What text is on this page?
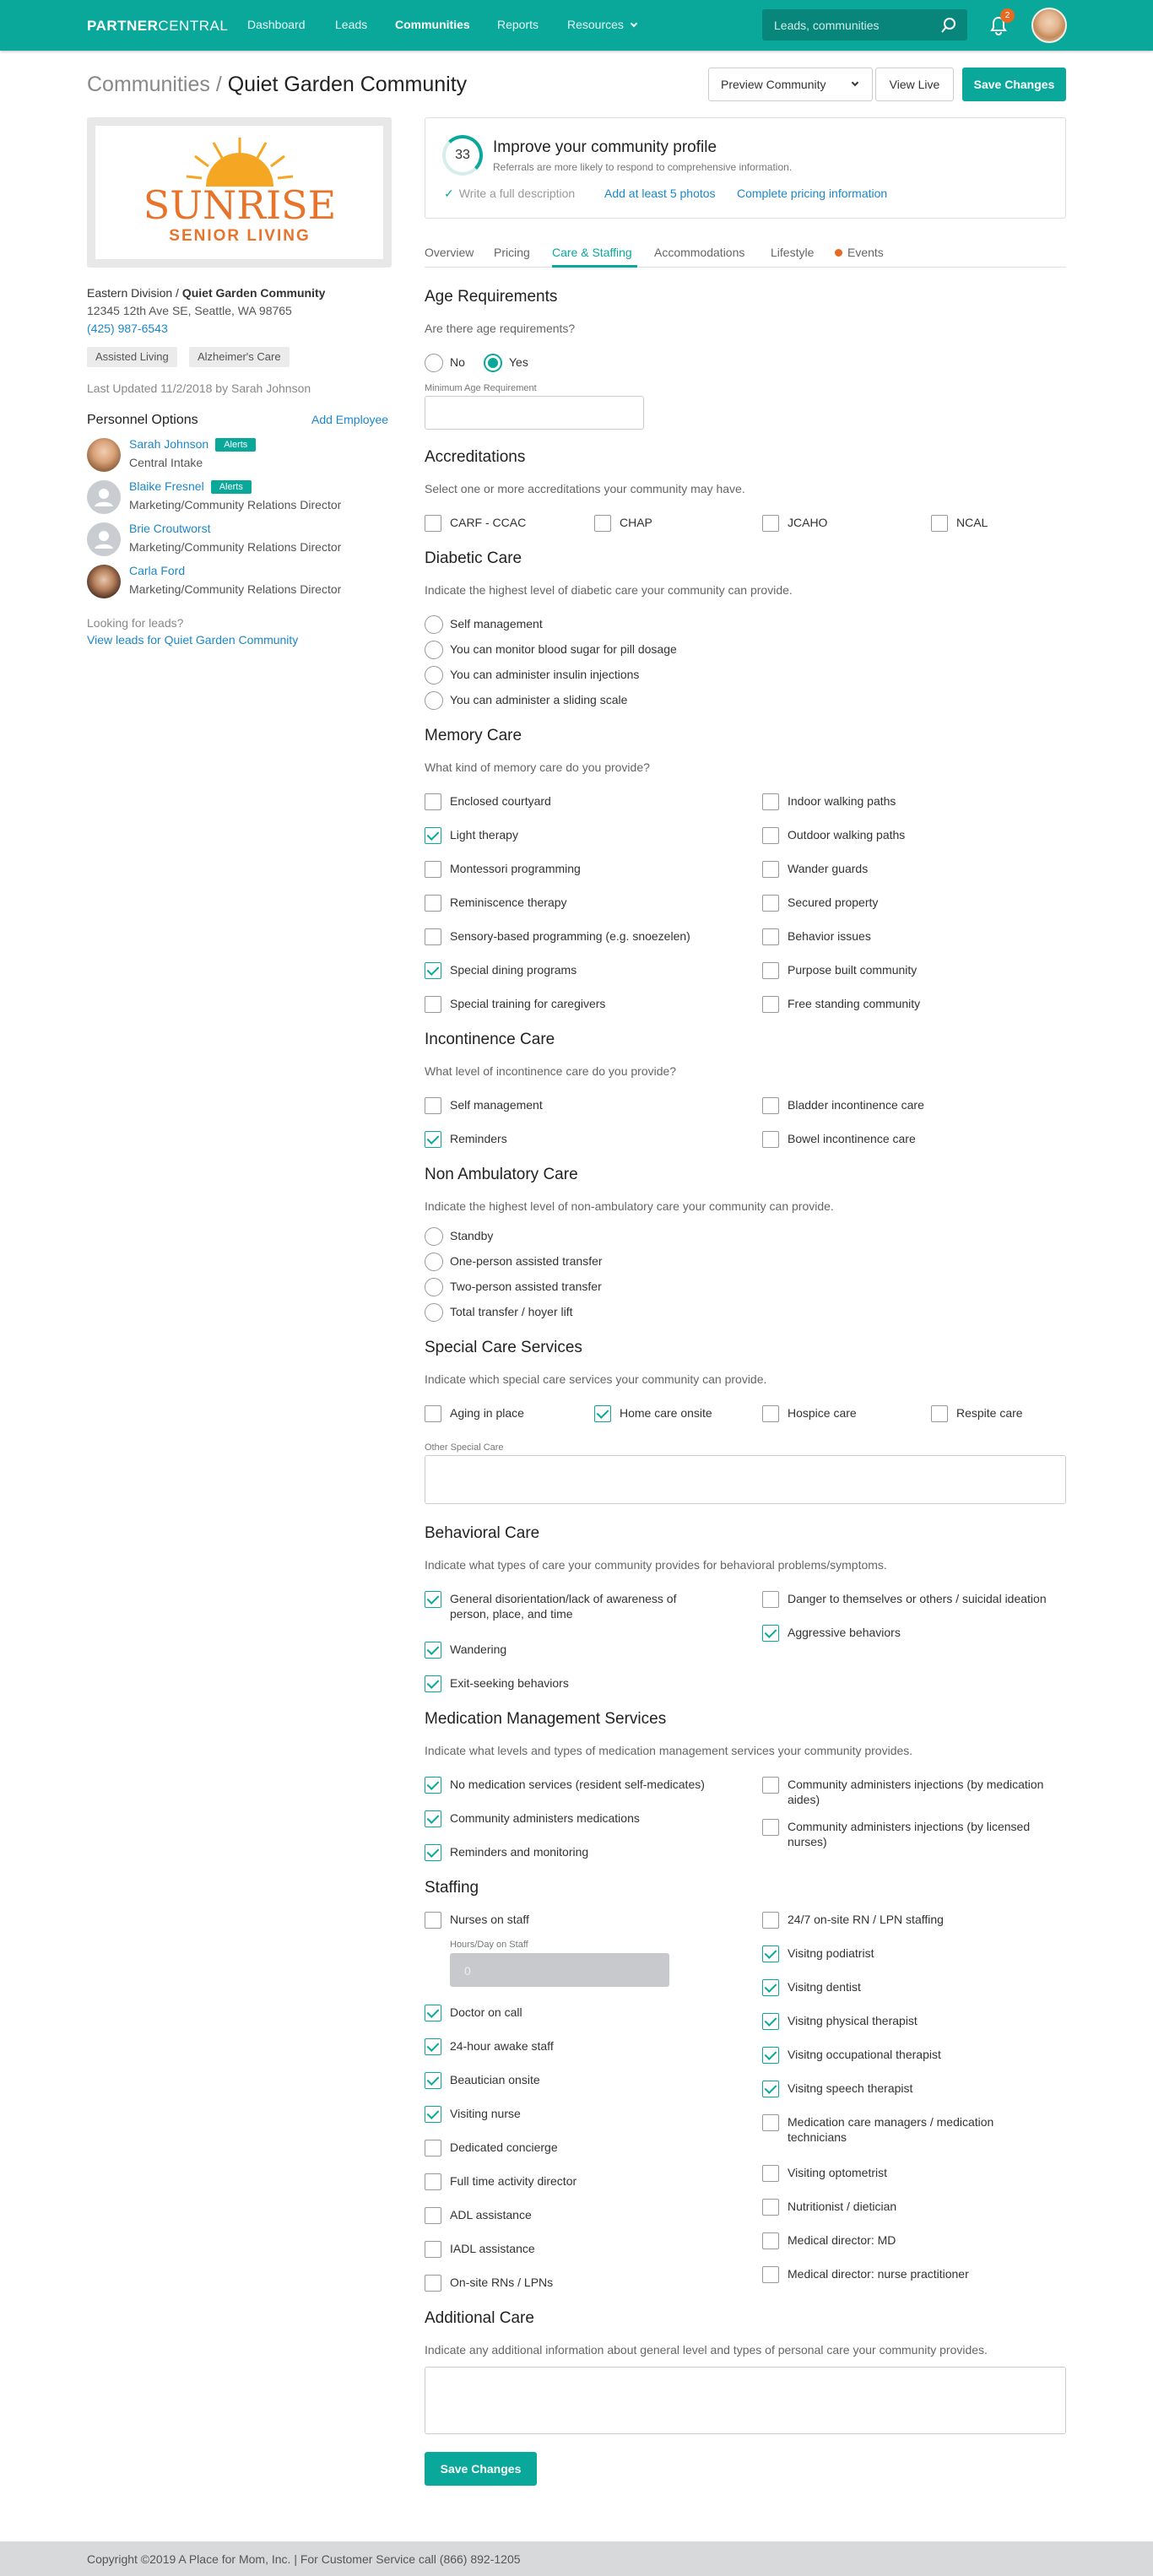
PARTNERCENTRAL Dashboard	Leads Communities Reports Resources	Leads, communities
2
Communities / Quiet Garden Community	Preview Community	View Live	Save Changes
SUNRISE
SENIOR LIVING
Eastern Division / Quiet Garden Community
12345 12th Ave SE, Seattle, WA 98765
(425) 987-6543
Assisted Living	Alzheimer's Care
Last Updated 11/2/2018 by Sarah Johnson
Personnel Options	Add Employee
Sarah Johnson Alerts
Central Intake
Blaike Fresnel Alerts
Marketing/Community Relations Director
Brie Croutworst
Marketing/Community Relations Director
Carla Ford
Marketing/Community Relations Director
Looking for leads?
View leads for Quiet Garden Community
33	Improve your community profile
Referrals are more likely to respond to comprehensive information.
✓ Write a full description Add at least 5 photos Complete pricing information
Overview Pricing Care & Staffing Accommodations Lifestyle	Events
Age Requirements
Are there age requirements?
No	Yes
Minimum Age Requirement
Accreditations
Select one or more accreditations your community may have.
CARF - CCAC	CHAP	JCAHO	NCAL
Diabetic Care
Indicate the highest level of diabetic care your community can provide.
Self management
You can monitor blood sugar for pill dosage
You can administer insulin injections
You can administer a sliding scale
Memory Care
What kind of memory care do you provide?
Enclosed courtyard
Light therapy
Montessori programming
Reminiscence therapy
Sensory-based programming (e.g. snoezelen)
Special dining programs
Special training for caregivers
Indoor walking paths
Outdoor walking paths
Wander guards
Secured property
Behavior issues
Purpose built community
Free standing community
Incontinence Care
What level of incontinence care do you provide?
Self management
Reminders
Bladder incontinence care
Bowel incontinence care
Non Ambulatory Care
Indicate the highest level of non-ambulatory care your community can provide.
Standby
One-person assisted transfer
Two-person assisted transfer
Total transfer / hoyer lift
Special Care Services
Indicate which special care services your community can provide.
Aging in place	Home care onsite	Hospice care	Respite care
Other Special Care
Behavioral Care
Indicate what types of care your community provides for behavioral problems/symptoms.
General disorientation/lack of awareness of
person, place, and time
Wandering
Exit-seeking behaviors
Danger to themselves or others / suicidal ideation
Aggressive behaviors
Medication Management Services
Indicate what levels and types of medication management services your community provides.
No medication services (resident self-medicates)
Community administers medications
Reminders and monitoring
Community administers injections (by medication
aides)
Community administers injections (by licensed
nurses)
Staffing
Nurses on staff
Hours/Day on Staff
0
Doctor on call
24-hour awake staff
Beautician onsite
Visiting nurse
Dedicated concierge
Full time activity director
ADL assistance
IADL assistance
On-site RNs / LPNs
24/7 on-site RN / LPN staffing
Visitng podiatrist
Visitng dentist
Visitng physical therapist
Visitng occupational therapist
Visitng speech therapist
Medication care managers / medication
technicians
Visiting optometrist
Nutritionist / dietician
Medical director: MD
Medical director: nurse practitioner
Additional Care
Indicate any additional information about general level and types of personal care your community provides.
Save Changes
Copyright ©2019 A Place for Mom, Inc. | For Customer Service call (866) 892-1205
